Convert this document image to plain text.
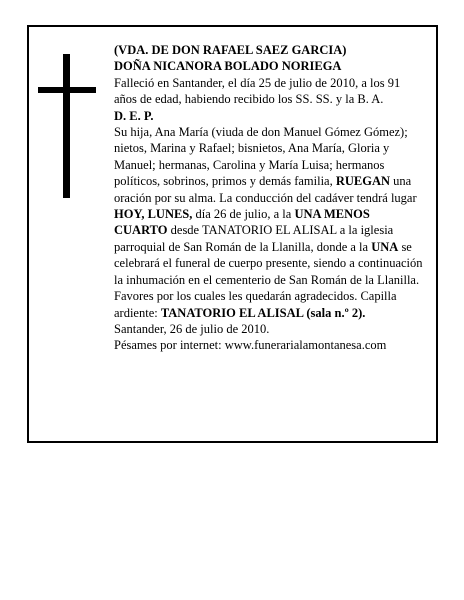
(VDA. DE DON RAFAEL SAEZ GARCIA)

DOÑA NICANORA BOLADO NORIEGA

Falleció en Santander, el día 25 de julio de 2010, a los 91 años de edad, habiendo recibido los SS. SS. y la B. A.

D. E. P.

Su hija, Ana María (viuda de don Manuel Gómez Gómez); nietos, Marina y Rafael; bisnietos, Ana María, Gloria y Manuel; hermanas, Carolina y María Luisa; hermanos políticos, sobrinos, primos y demás familia, RUEGAN una oración por su alma. La conducción del cadáver tendrá lugar HOY, LUNES, día 26 de julio, a la UNA MENOS CUARTO desde TANATORIO EL ALISAL a la iglesia parroquial de San Román de la Llanilla, donde a la UNA se celebrará el funeral de cuerpo presente, siendo a continuación la inhumación en el cementerio de San Román de la Llanilla. Favores por los cuales les quedarán agradecidos. Capilla ardiente: TANATORIO EL ALISAL (sala n.º 2).

Santander, 26 de julio de 2010.

Pésames por internet: www.funerarialamontanesa.com
